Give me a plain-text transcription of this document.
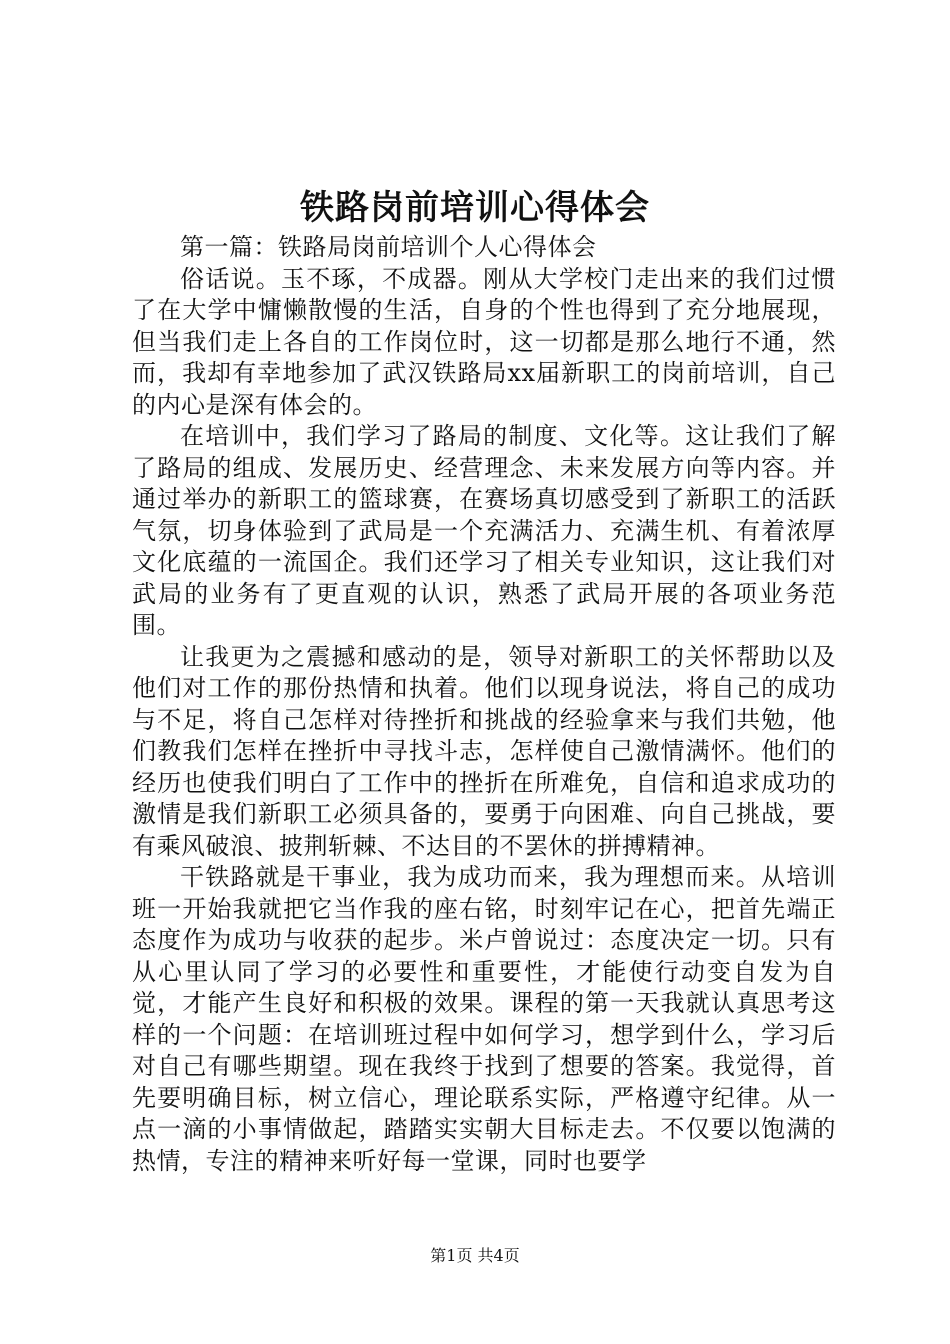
铁路岗前培训心得体会

第一篇：铁路局岗前培训个人心得体会

俗话说。玉不琢，不成器。刚从大学校门走出来的我们过惯了在大学中慵懒散慢的生活，自身的个性也得到了充分地展现，但当我们走上各自的工作岗位时，这一切都是那么地行不通，然而，我却有幸地参加了武汉铁路局xx届新职工的岗前培训，自己的内心是深有体会的。

在培训中，我们学习了路局的制度、文化等。这让我们了解了路局的组成、发展历史、经营理念、未来发展方向等内容。并通过举办的新职工的篮球赛，在赛场真切感受到了新职工的活跃气氛，切身体验到了武局是一个充满活力、充满生机、有着浓厚文化底蕴的一流国企。我们还学习了相关专业知识，这让我们对武局的业务有了更直观的认识，熟悉了武局开展的各项业务范围。

让我更为之震撼和感动的是，领导对新职工的关怀帮助以及他们对工作的那份热情和执着。他们以现身说法，将自己的成功与不足，将自己怎样对待挫折和挑战的经验拿来与我们共勉，他们教我们怎样在挫折中寻找斗志，怎样使自己激情满怀。他们的经历也使我们明白了工作中的挫折在所难免，自信和追求成功的激情是我们新职工必须具备的，要勇于向困难、向自己挑战，要有乘风破浪、披荆斩棘、不达目的不罢休的拼搏精神。

干铁路就是干事业，我为成功而来，我为理想而来。从培训班一开始我就把它当作我的座右铭，时刻牢记在心，把首先端正态度作为成功与收获的起步。米卢曾说过：态度决定一切。只有从心里认同了学习的必要性和重要性，才能使行动变自发为自觉，才能产生良好和积极的效果。课程的第一天我就认真思考这样的一个问题：在培训班过程中如何学习，想学到什么，学习后对自己有哪些期望。现在我终于找到了想要的答案。我觉得，首先要明确目标，树立信心，理论联系实际，严格遵守纪律。从一点一滴的小事情做起，踏踏实实朝大目标走去。不仅要以饱满的热情，专注的精神来听好每一堂课，同时也要学

第1页 共4页
